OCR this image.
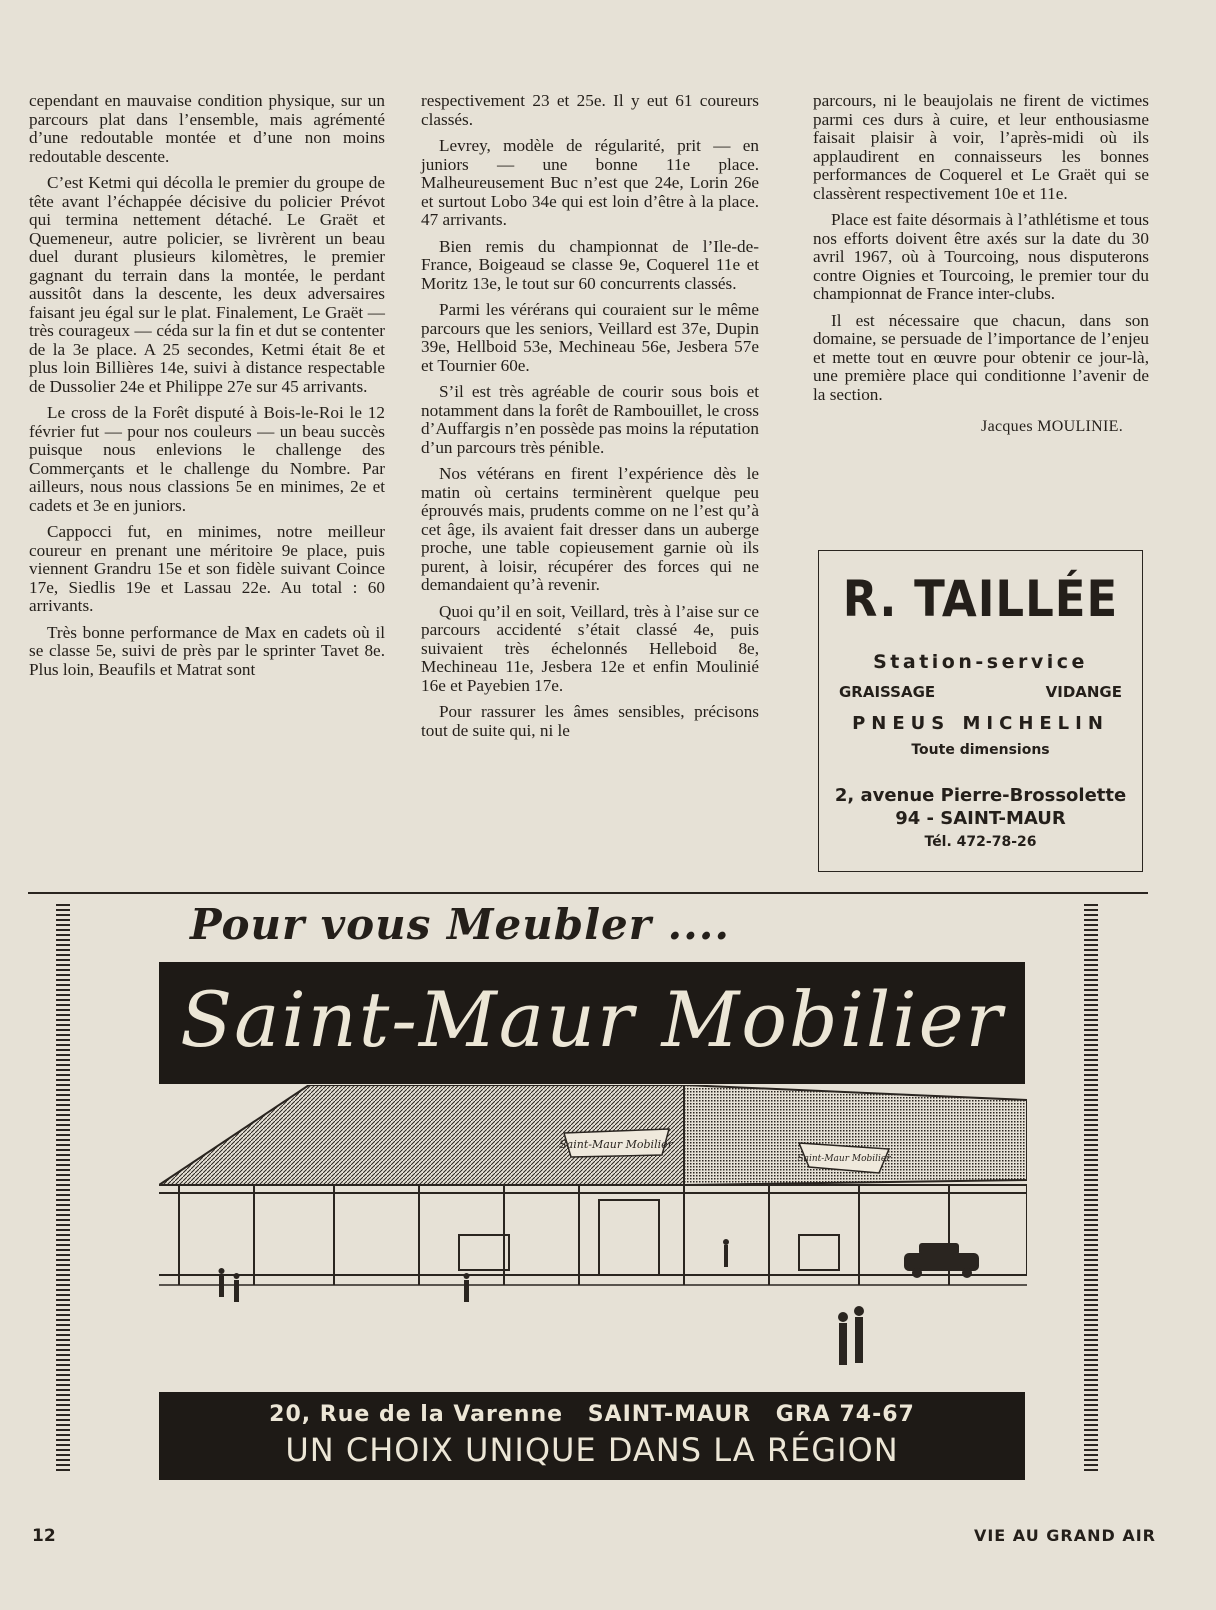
cependant en mauvaise condition physique, sur un parcours plat dans l’ensemble, mais agrémenté d’une redoutable montée et d’une non moins redoutable descente.

C’est Ketmi qui décolla le premier du groupe de tête avant l’échappée décisive du policier Prévot qui termina nettement détaché. Le Graët et Quemeneur, autre policier, se livrèrent un beau duel durant plusieurs kilomètres, le premier gagnant du terrain dans la montée, le perdant aussitôt dans la descente, les deux adversaires faisant jeu égal sur le plat. Finalement, Le Graët — très courageux — céda sur la fin et dut se contenter de la 3e place. A 25 secondes, Ketmi était 8e et plus loin Billières 14e, suivi à distance respectable de Dussolier 24e et Philippe 27e sur 45 arrivants.

Le cross de la Forêt disputé à Bois-le-Roi le 12 février fut — pour nos couleurs — un beau succès puisque nous enlevions le challenge des Commerçants et le challenge du Nombre. Par ailleurs, nous nous classions 5e en minimes, 2e et cadets et 3e en juniors.

Cappocci fut, en minimes, notre meilleur coureur en prenant une méritoire 9e place, puis viennent Grandru 15e et son fidèle suivant Coince 17e, Siedlis 19e et Lassau 22e. Au total : 60 arrivants.

Très bonne performance de Max en cadets où il se classe 5e, suivi de près par le sprinter Tavet 8e. Plus loin, Beaufils et Matrat sont

respectivement 23 et 25e. Il y eut 61 coureurs classés.

Levrey, modèle de régularité, prit — en juniors — une bonne 11e place. Malheureusement Buc n’est que 24e, Lorin 26e et surtout Lobo 34e qui est loin d’être à la place. 47 arrivants.

Bien remis du championnat de l’Ile-de-France, Boigeaud se classe 9e, Coquerel 11e et Moritz 13e, le tout sur 60 concurrents classés.

Parmi les vérérans qui couraient sur le même parcours que les seniors, Veillard est 37e, Dupin 39e, Hellboid 53e, Mechineau 56e, Jesbera 57e et Tournier 60e.

S’il est très agréable de courir sous bois et notamment dans la forêt de Rambouillet, le cross d’Auffargis n’en possède pas moins la réputation d’un parcours très pénible.

Nos vétérans en firent l’expérience dès le matin où certains terminèrent quelque peu éprouvés mais, prudents comme on ne l’est qu’à cet âge, ils avaient fait dresser dans un auberge proche, une table copieusement garnie où ils purent, à loisir, récupérer des forces qui ne demandaient qu’à revenir.

Quoi qu’il en soit, Veillard, très à l’aise sur ce parcours accidenté s’était classé 4e, puis suivaient très échelonnés Helleboid 8e, Mechineau 11e, Jesbera 12e et enfin Moulinié 16e et Payebien 17e.

Pour rassurer les âmes sensibles, précisons tout de suite qui, ni le

parcours, ni le beaujolais ne firent de victimes parmi ces durs à cuire, et leur enthousiasme faisait plaisir à voir, l’après-midi où ils applaudirent en connaisseurs les bonnes performances de Coquerel et Le Graët qui se classèrent respectivement 10e et 11e.

Place est faite désormais à l’athlétisme et tous nos efforts doivent être axés sur la date du 30 avril 1967, où à Tourcoing, nous disputerons contre Oignies et Tourcoing, le premier tour du championnat de France inter-clubs.

Il est nécessaire que chacun, dans son domaine, se persuade de l’importance de l’enjeu et mette tout en œuvre pour obtenir ce jour-là, une première place qui conditionne l’avenir de la section.

Jacques MOULINIE.
R. TAILLÉE
Station-service
GRAISSAGE	VIDANGE
PNEUS MICHELIN
Toute dimensions
2, avenue Pierre-Brossolette
94 - SAINT-MAUR
Tél. 472-78-26
Pour vous Meubler ....
Saint-Maur Mobilier
Saint-Maur Mobilier
Saint-Maur Mobilier
20, Rue de la Varenne SAINT-MAUR GRA 74-67
UN CHOIX UNIQUE DANS LA RÉGION
12	VIE AU GRAND AIR
